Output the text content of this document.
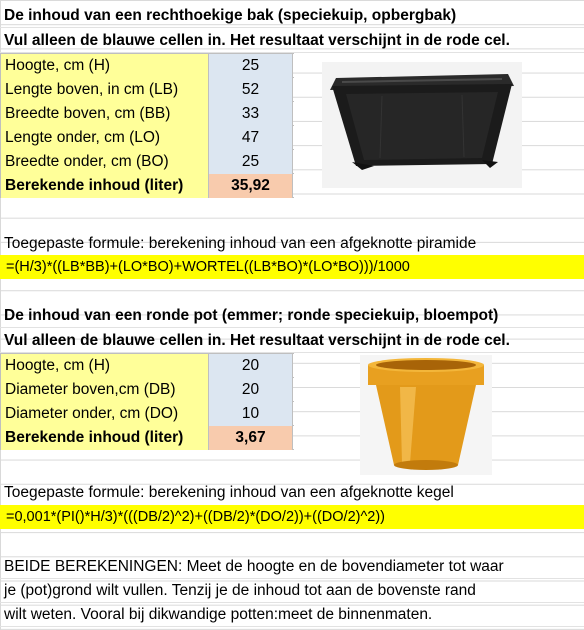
De inhoud van een rechthoekige bak (speciekuip, opbergbak)
Vul alleen de blauwe cellen in. Het resultaat verschijnt in de rode cel.
Hoogte, cm (H)	25
Lengte boven, in cm (LB)	52
Breedte boven, cm (BB)	33
Lengte onder, cm (LO)	47
Breedte onder, cm (BO)	25
Berekende inhoud (liter)	35,92
Toegepaste formule: berekening inhoud van een afgeknotte piramide
=(H/3)*((LB*BB)+(LO*BO)+WORTEL((LB*BO)*(LO*BO)))/1000
De inhoud van een ronde pot (emmer; ronde speciekuip, bloempot)
Vul alleen de blauwe cellen in. Het resultaat verschijnt in de rode cel.
Hoogte, cm (H)	20
Diameter boven,cm (DB)	20
Diameter onder, cm (DO)	10
Berekende inhoud (liter)	3,67
Toegepaste formule: berekening inhoud van een afgeknotte kegel
=0,001*(PI()*H/3)*(((DB/2)^2)+((DB/2)*(DO/2))+((DO/2)^2))
BEIDE BEREKENINGEN: Meet de hoogte en de bovendiameter tot waar
je (pot)grond wilt vullen. Tenzij je de inhoud tot aan de bovenste rand
wilt weten. Vooral bij dikwandige potten:meet de binnenmaten.
